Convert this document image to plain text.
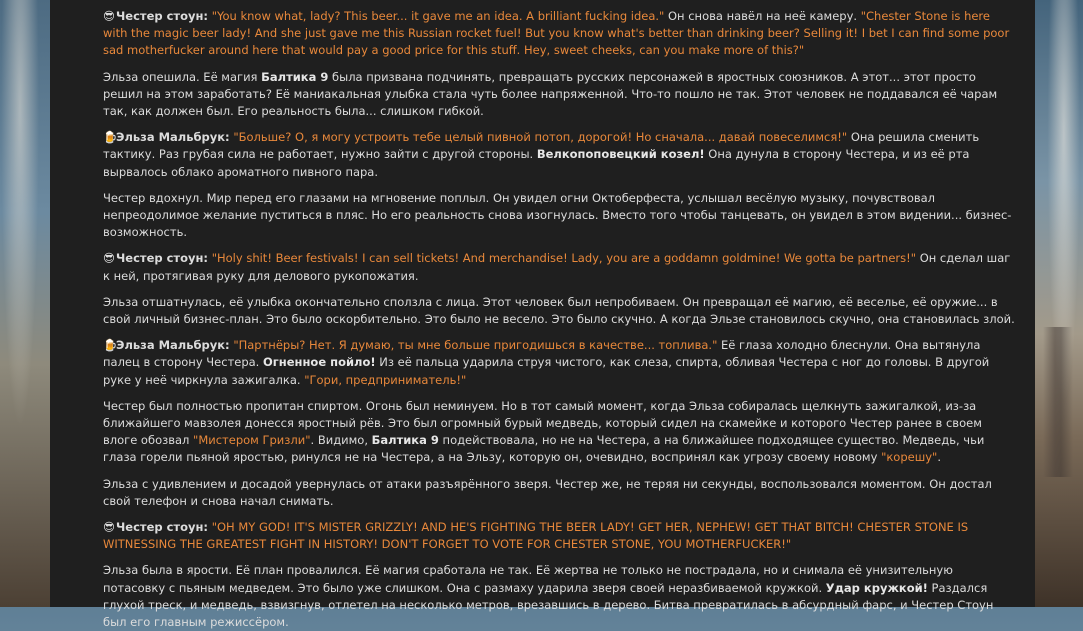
😎Честер стоун: "You know what, lady? This beer... it gave me an idea. A brilliant fucking idea." Он снова навёл на неё камеру. "Chester Stone is here with the magic beer lady! And she just gave me this Russian rocket fuel! But you know what's better than drinking beer? Selling it! I bet I can find some poor sad motherfucker around here that would pay a good price for this stuff. Hey, sweet cheeks, can you make more of this?"

Эльза опешила. Её магия Балтика 9 была призвана подчинять, превращать русских персонажей в яростных союзников. А этот... этот просто решил на этом заработать? Её маниакальная улыбка стала чуть более напряженной. Что-то пошло не так. Этот человек не поддавался её чарам так, как должен был. Его реальность была... слишком гибкой.

🍺Эльза Мальбрук: "Больше? О, я могу устроить тебе целый пивной потоп, дорогой! Но сначала... давай повеселимся!" Она решила сменить тактику. Раз грубая сила не работает, нужно зайти с другой стороны. Велкопоповецкий козел! Она дунула в сторону Честера, и из её рта вырвалось облако ароматного пивного пара.

Честер вдохнул. Мир перед его глазами на мгновение поплыл. Он увидел огни Октоберфеста, услышал весёлую музыку, почувствовал непреодолимое желание пуститься в пляс. Но его реальность снова изогнулась. Вместо того чтобы танцевать, он увидел в этом видении... бизнес-возможность.

😎Честер стоун: "Holy shit! Beer festivals! I can sell tickets! And merchandise! Lady, you are a goddamn goldmine! We gotta be partners!" Он сделал шаг к ней, протягивая руку для делового рукопожатия.

Эльза отшатнулась, её улыбка окончательно сползла с лица. Этот человек был непробиваем. Он превращал её магию, её веселье, её оружие... в свой личный бизнес-план. Это было оскорбительно. Это было не весело. Это было скучно. А когда Эльзе становилось скучно, она становилась злой.

🍺Эльза Мальбрук: "Партнёры? Нет. Я думаю, ты мне больше пригодишься в качестве... топлива." Её глаза холодно блеснули. Она вытянула палец в сторону Честера. Огненное пойло! Из её пальца ударила струя чистого, как слеза, спирта, обливая Честера с ног до головы. В другой руке у неё чиркнула зажигалка. "Гори, предприниматель!"

Честер был полностью пропитан спиртом. Огонь был неминуем. Но в тот самый момент, когда Эльза собиралась щелкнуть зажигалкой, из-за ближайшего мавзолея донесся яростный рёв. Это был огромный бурый медведь, который сидел на скамейке и которого Честер ранее в своем влоге обозвал "Мистером Гризли". Видимо, Балтика 9 подействовала, но не на Честера, а на ближайшее подходящее существо. Медведь, чьи глаза горели пьяной яростью, ринулся не на Честера, а на Эльзу, которую он, очевидно, воспринял как угрозу своему новому "корешу".

Эльза с удивлением и досадой увернулась от атаки разъярённого зверя. Честер же, не теряя ни секунды, воспользовался моментом. Он достал свой телефон и снова начал снимать.

😎Честер стоун: "OH MY GOD! IT'S MISTER GRIZZLY! AND HE'S FIGHTING THE BEER LADY! GET HER, NEPHEW! GET THAT BITCH! CHESTER STONE IS WITNESSING THE GREATEST FIGHT IN HISTORY! DON'T FORGET TO VOTE FOR CHESTER STONE, YOU MOTHERFUCKER!"

Эльза была в ярости. Её план провалился. Её магия сработала не так. Её жертва не только не пострадала, но и снимала её унизительную потасовку с пьяным медведем. Это было уже слишком. Она с размаху ударила зверя своей неразбиваемой кружкой. Удар кружкой! Раздался глухой треск, и медведь, взвизгнув, отлетел на несколько метров, врезавшись в дерево. Битва превратилась в абсурдный фарс, и Честер Стоун был его главным режиссёром.
